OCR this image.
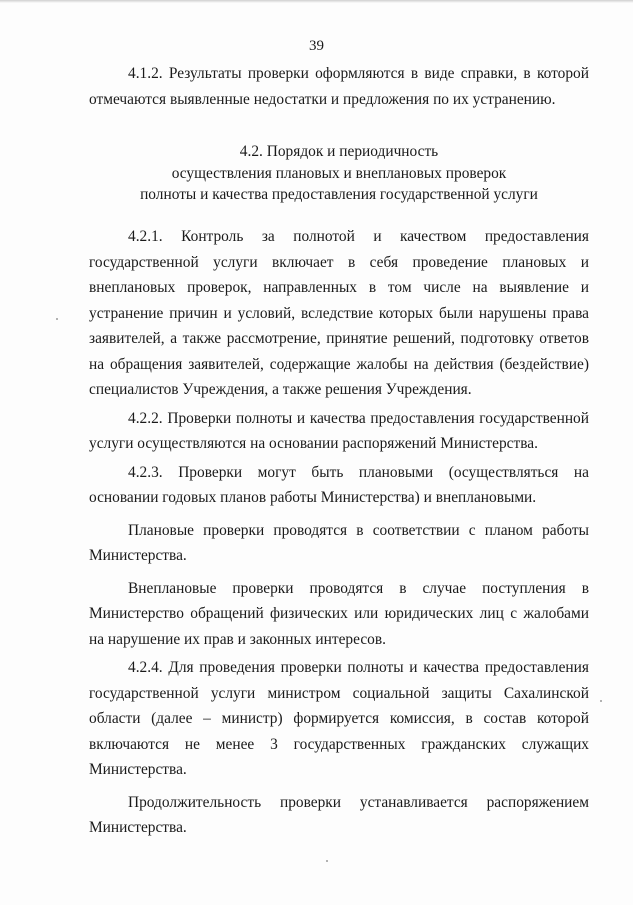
39

4.1.2. Результаты проверки оформляются в виде справки, в которой отмечаются выявленные недостатки и предложения по их устранению.

4.2. Порядок и периодичность
осуществления плановых и внеплановых проверок
полноты и качества предоставления государственной услуги

4.2.1. Контроль за полнотой и качеством предоставления государственной услуги включает в себя проведение плановых и внеплановых проверок, направленных в том числе на выявление и устранение причин и условий, вследствие которых были нарушены права заявителей, а также рассмотрение, принятие решений, подготовку ответов на обращения заявителей, содержащие жалобы на действия (бездействие) специалистов Учреждения, а также решения Учреждения.

4.2.2. Проверки полноты и качества предоставления государственной услуги осуществляются на основании распоряжений Министерства.

4.2.3. Проверки могут быть плановыми (осуществляться на основании годовых планов работы Министерства) и внеплановыми.

Плановые проверки проводятся в соответствии с планом работы Министерства.

Внеплановые проверки проводятся в случае поступления в Министерство обращений физических или юридических лиц с жалобами на нарушение их прав и законных интересов.

4.2.4. Для проведения проверки полноты и качества предоставления государственной услуги министром социальной защиты Сахалинской области (далее – министр) формируется комиссия, в состав которой включаются не менее 3 государственных гражданских служащих Министерства.

Продолжительность проверки устанавливается распоряжением Министерства.
